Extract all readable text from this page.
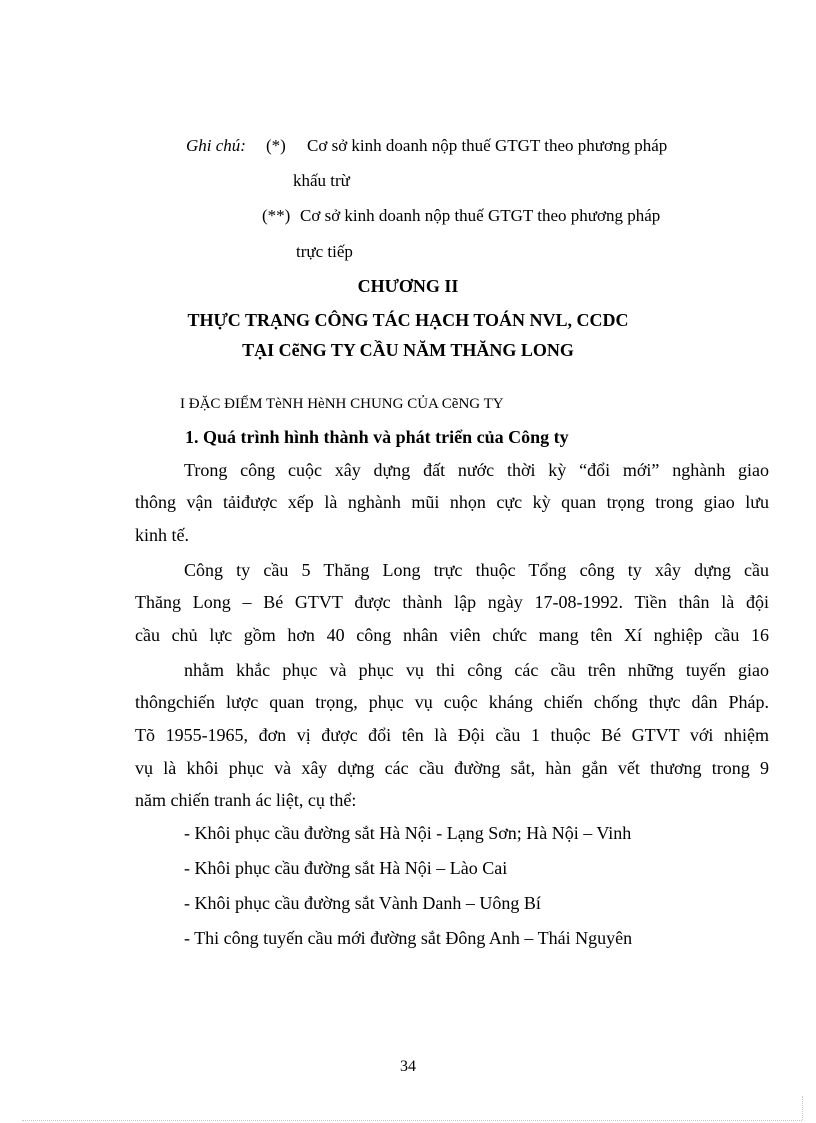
Ghi chú: (*) Cơ sở kinh doanh nộp thuế GTGT theo phương pháp
khấu trừ
(**) Cơ sở kinh doanh nộp thuế GTGT theo phương pháp
trực tiếp
CHƯƠNG II
THỰC TRẠNG CÔNG TÁC HẠCH TOÁN NVL, CCDC
TẠI CẽNG TY CẦU NĂM THĂNG LONG
I ĐẶC ĐIỂM TèNH HèNH CHUNG CỦA CẽNG TY
1. Quá trình hình thành và phát triển của Công ty
Trong công cuộc xây dựng đất nước thời kỳ “đổi mới” nghành giao
thông vận tảiđược xếp là nghành mũi nhọn cực kỳ quan trọng trong giao lưu
kinh tế.
Công ty cầu 5 Thăng Long trực thuộc Tổng công ty xây dựng cầu
Thăng Long – Bé GTVT được thành lập ngày 17-08-1992. Tiền thân là đội
cầu chủ lực gồm hơn 40 công nhân viên chức mang tên Xí nghiệp cầu 16
nhằm khắc phục và phục vụ thi công các cầu trên những tuyến giao
thôngchiến lược quan trọng, phục vụ cuộc kháng chiến chống thực dân Pháp.
Tõ 1955-1965, đơn vị được đổi tên là Đội cầu 1 thuộc Bé GTVT với nhiệm
vụ là khôi phục và xây dựng các cầu đường sắt, hàn gắn vết thương trong 9
năm chiến tranh ác liệt, cụ thể:
- Khôi phục cầu đường sắt Hà Nội - Lạng Sơn; Hà Nội – Vinh
- Khôi phục cầu đường sắt Hà Nội – Lào Cai
- Khôi phục cầu đường sắt Vành Danh – Uông Bí
- Thi công tuyến cầu mới đường sắt Đông Anh – Thái Nguyên
34
